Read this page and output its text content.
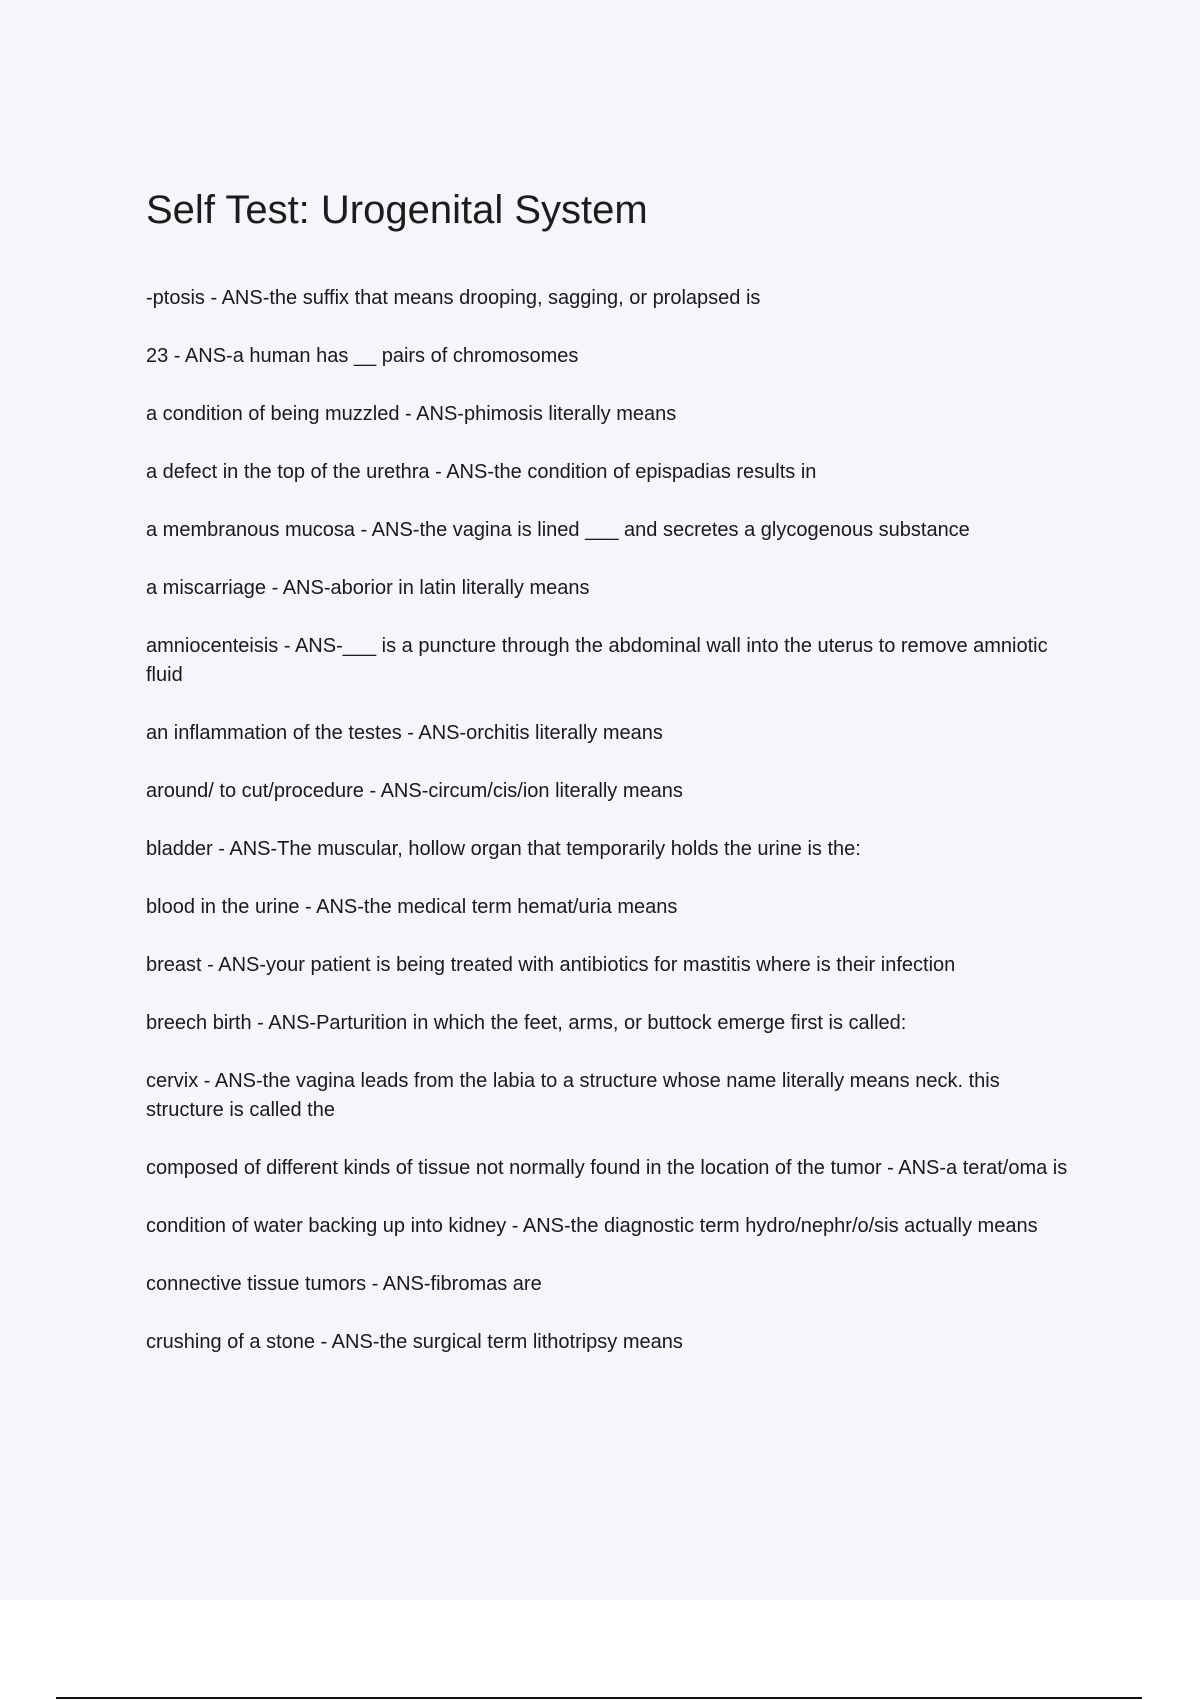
Self Test: Urogenital System
-ptosis - ANS-the suffix that means drooping, sagging, or prolapsed is
23 - ANS-a human has __ pairs of chromosomes
a condition of being muzzled - ANS-phimosis literally means
a defect in the top of the urethra - ANS-the condition of epispadias results in
a membranous mucosa - ANS-the vagina is lined ___ and secretes a glycogenous substance
a miscarriage - ANS-aborior in latin literally means
amniocenteisis - ANS-___ is a puncture through the abdominal wall into the uterus to remove amniotic fluid
an inflammation of the testes - ANS-orchitis literally means
around/ to cut/procedure - ANS-circum/cis/ion literally means
bladder - ANS-The muscular, hollow organ that temporarily holds the urine is the:
blood in the urine - ANS-the medical term hemat/uria means
breast - ANS-your patient is being treated with antibiotics for mastitis where is their infection
breech birth - ANS-Parturition in which the feet, arms, or buttock emerge first is called:
cervix - ANS-the vagina leads from the labia to a structure whose name literally means neck. this structure is called the
composed of different kinds of tissue not normally found in the location of the tumor - ANS-a terat/oma is
condition of water backing up into kidney - ANS-the diagnostic term hydro/nephr/o/sis actually means
connective tissue tumors - ANS-fibromas are
crushing of a stone - ANS-the surgical term lithotripsy means
